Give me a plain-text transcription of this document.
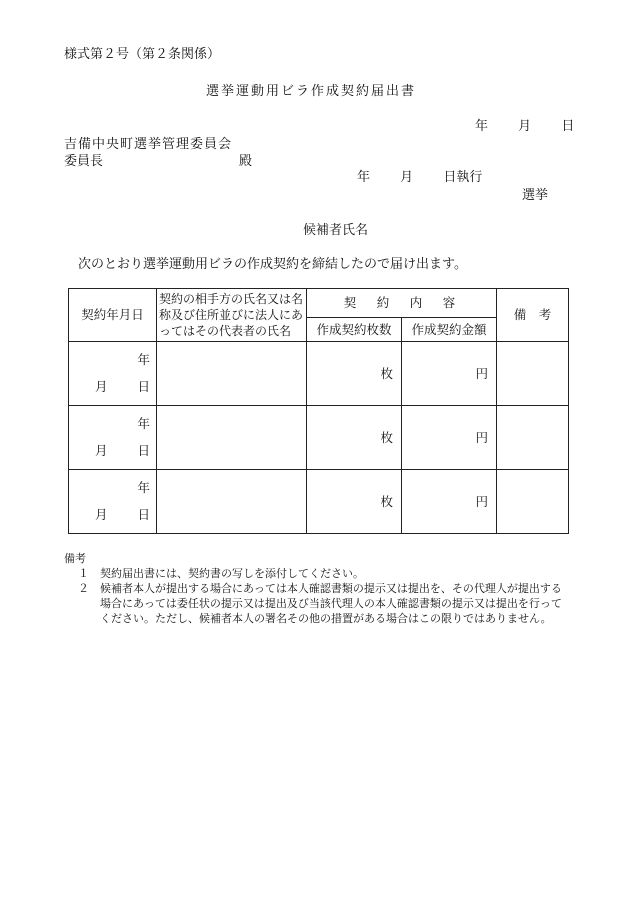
様式第２号（第２条関係）
選挙運動用ビラ作成契約届出書
年 月 日
吉備中央町選挙管理委員会
委員長	殿
年 月 日執行
選挙
候補者氏名
次のとおり選挙運動用ビラの作成契約を締結したので届け出ます。
契約年月日	契約の相手方の氏名又は名称及び住所並びに法人にあってはその代表者の氏名	契　約　内　容		備　考
		作成契約枚数	作成契約金額	

年
月 日		枚	円	

年
月 日		枚	円	

年
月 日		枚	円	

備考
１ 契約届出書には、契約書の写しを添付してください。
２	候補者本人が提出する場合にあっては本人確認書類の提示又は提出を、その代理人が提出する場合にあっては委任状の提示又は提出及び当該代理人の本人確認書類の提示又は提出を行ってください。ただし、候補者本人の署名その他の措置がある場合はこの限りではありません。
